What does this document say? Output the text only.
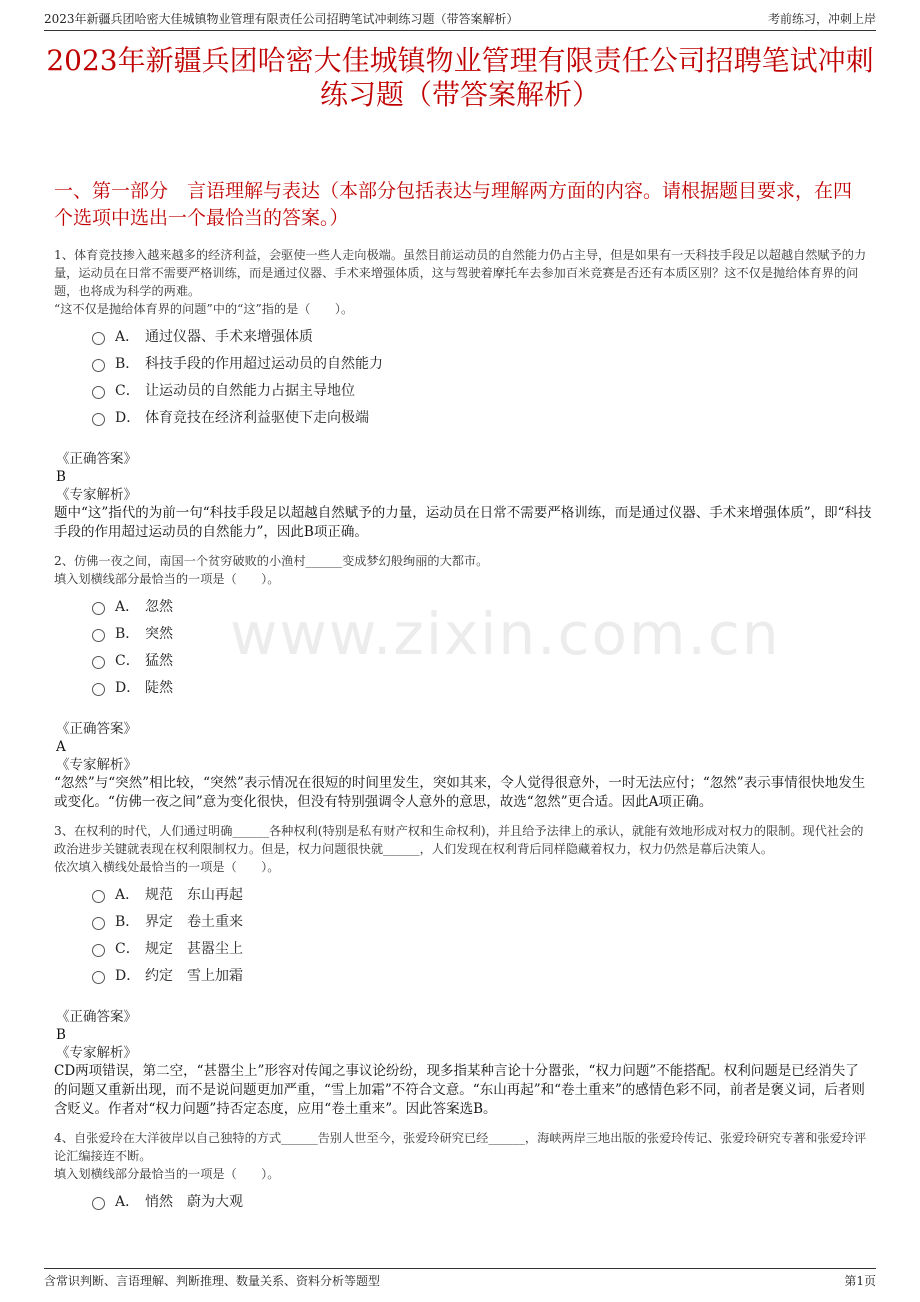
2023年新疆兵团哈密大佳城镇物业管理有限责任公司招聘笔试冲刺练习题（带答案解析）	考前练习，冲刺上岸
2023年新疆兵团哈密大佳城镇物业管理有限责任公司招聘笔试冲刺练习题（带答案解析）
一、第一部分　言语理解与表达（本部分包括表达与理解两方面的内容。请根据题目要求，在四个选项中选出一个最恰当的答案。）
www.zixin.com.cn
1、体育竞技掺入越来越多的经济利益，会驱使一些人走向极端。虽然目前运动员的自然能力仍占主导，但是如果有一天科技手段足以超越自然赋予的力量，运动员在日常不需要严格训练，而是通过仪器、手术来增强体质，这与驾驶着摩托车去参加百米竞赛是否还有本质区别？这不仅是抛给体育界的问题，也将成为科学的两难。
“这不仅是抛给体育界的问题”中的“这”指的是（　　）。
A． 通过仪器、手术来增强体质
B． 科技手段的作用超过运动员的自然能力
C． 让运动员的自然能力占据主导地位
D． 体育竞技在经济利益驱使下走向极端
《正确答案》
B
《专家解析》
题中“这”指代的为前一句“科技手段足以超越自然赋予的力量，运动员在日常不需要严格训练，而是通过仪器、手术来增强体质”，即“科技手段的作用超过运动员的自然能力”，因此B项正确。
2、仿佛一夜之间，南国一个贫穷破败的小渔村______变成梦幻般绚丽的大都市。
填入划横线部分最恰当的一项是（　　）。
A． 忽然
B． 突然
C． 猛然
D． 陡然
《正确答案》
A
《专家解析》
“忽然”与“突然”相比较，“突然”表示情况在很短的时间里发生，突如其来，令人觉得很意外，一时无法应付；“忽然”表示事情很快地发生或变化。“仿佛一夜之间”意为变化很快，但没有特别强调令人意外的意思，故选“忽然”更合适。因此A项正确。
3、在权利的时代，人们通过明确______各种权利(特别是私有财产权和生命权利)，并且给予法律上的承认，就能有效地形成对权力的限制。现代社会的政治进步关键就表现在权利限制权力。但是，权力问题很快就______，人们发现在权利背后同样隐藏着权力，权力仍然是幕后决策人。
依次填入横线处最恰当的一项是（　　）。
A． 规范　东山再起
B． 界定　卷土重来
C． 规定　甚嚣尘上
D． 约定　雪上加霜
《正确答案》
B
《专家解析》
CD两项错误，第二空，“甚嚣尘上”形容对传闻之事议论纷纷，现多指某种言论十分嚣张，“权力问题”不能搭配。权利问题是已经消失了的问题又重新出现，而不是说问题更加严重，“雪上加霜”不符合文意。“东山再起”和“卷土重来”的感情色彩不同，前者是褒义词，后者则含贬义。作者对“权力问题”持否定态度，应用“卷土重来”。因此答案选B。
4、自张爱玲在大洋彼岸以自己独特的方式______告别人世至今，张爱玲研究已经______，海峡两岸三地出版的张爱玲传记、张爱玲研究专著和张爱玲评论汇编接连不断。
填入划横线部分最恰当的一项是（　　）。
A． 悄然　蔚为大观
含常识判断、言语理解、判断推理、数量关系、资料分析等题型	第1页
